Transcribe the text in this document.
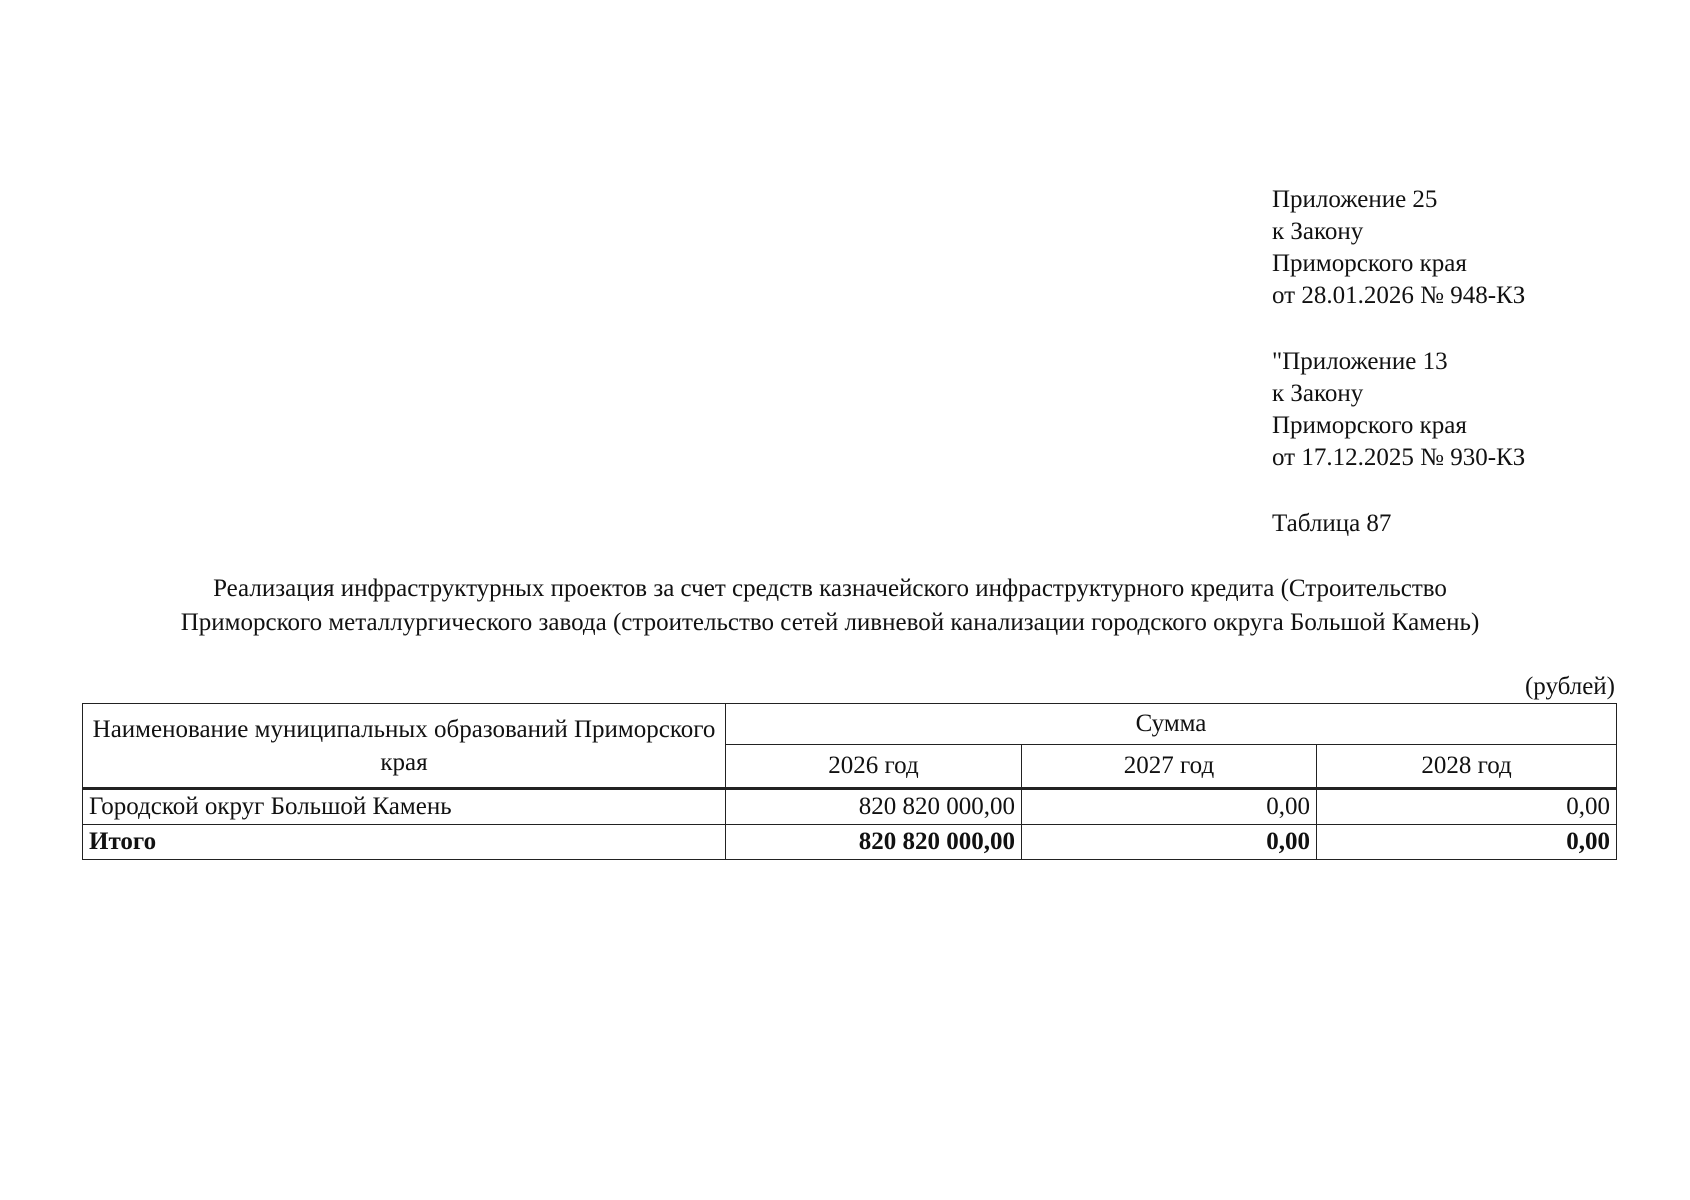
Приложение 25
к Закону
Приморского края
от 28.01.2026 № 948-КЗ
"Приложение 13
к Закону
Приморского края
от 17.12.2025 № 930-КЗ
Таблица 87
Реализация инфраструктурных проектов за счет средств казначейского инфраструктурного кредита (Строительство
Приморского металлургического завода (строительство сетей ливневой канализации городского округа Большой Камень)
(рублей)
Наименование муниципальных образований Приморского края	Сумма		
	2026 год	2027 год	2028 год
Городской округ Большой Камень	820 820 000,00	0,00	0,00
Итого	820 820 000,00	0,00	0,00
